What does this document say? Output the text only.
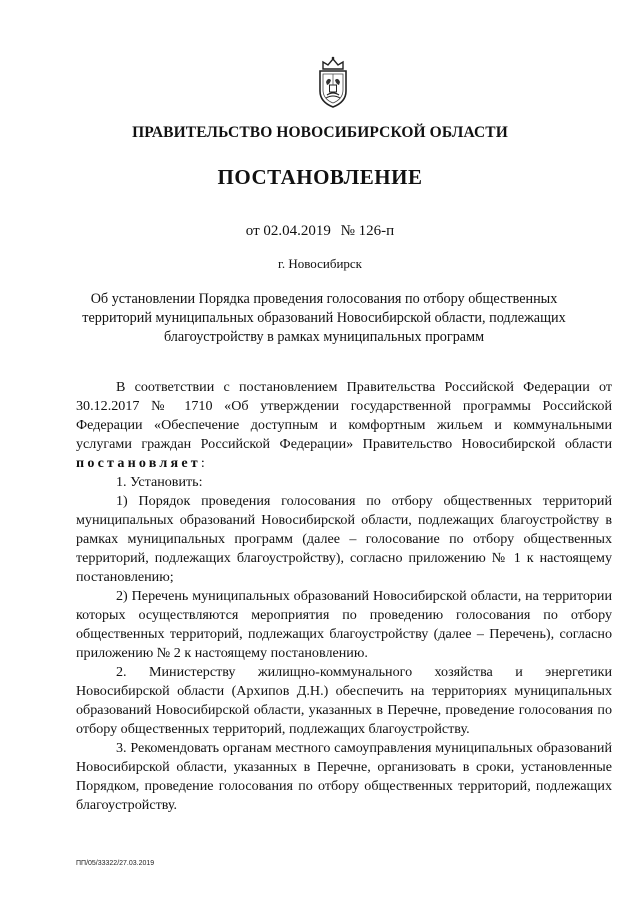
ПРАВИТЕЛЬСТВО НОВОСИБИРСКОЙ ОБЛАСТИ
ПОСТАНОВЛЕНИЕ
от 02.04.2019 № 126-п
г. Новосибирск
Об установлении Порядка проведения голосования по отбору общественных
территорий муниципальных образований Новосибирской области, подлежащих
благоустройству в рамках муниципальных программ

В соответствии с постановлением Правительства Российской Федерации от 30.12.2017 № 1710 «Об утверждении государственной программы Российской Федерации «Обеспечение доступным и комфортным жильем и коммунальными услугами граждан Российской Федерации» Правительство Новосибирской области постановляет:

1. Установить:

1) Порядок проведения голосования по отбору общественных территорий муниципальных образований Новосибирской области, подлежащих благоустройству в рамках муниципальных программ (далее – голосование по отбору общественных территорий, подлежащих благоустройству), согласно приложению № 1 к настоящему постановлению;

2) Перечень муниципальных образований Новосибирской области, на территории которых осуществляются мероприятия по проведению голосования по отбору общественных территорий, подлежащих благоустройству (далее – Перечень), согласно приложению № 2 к настоящему постановлению.

2. Министерству жилищно-коммунального хозяйства и энергетики Новосибирской области (Архипов Д.Н.) обеспечить на территориях муниципальных образований Новосибирской области, указанных в Перечне, проведение голосования по отбору общественных территорий, подлежащих благоустройству.

3. Рекомендовать органам местного самоуправления муниципальных образований Новосибирской области, указанных в Перечне, организовать в сроки, установленные Порядком, проведение голосования по отбору общественных территорий, подлежащих благоустройству.

ПП/05/33322/27.03.2019
